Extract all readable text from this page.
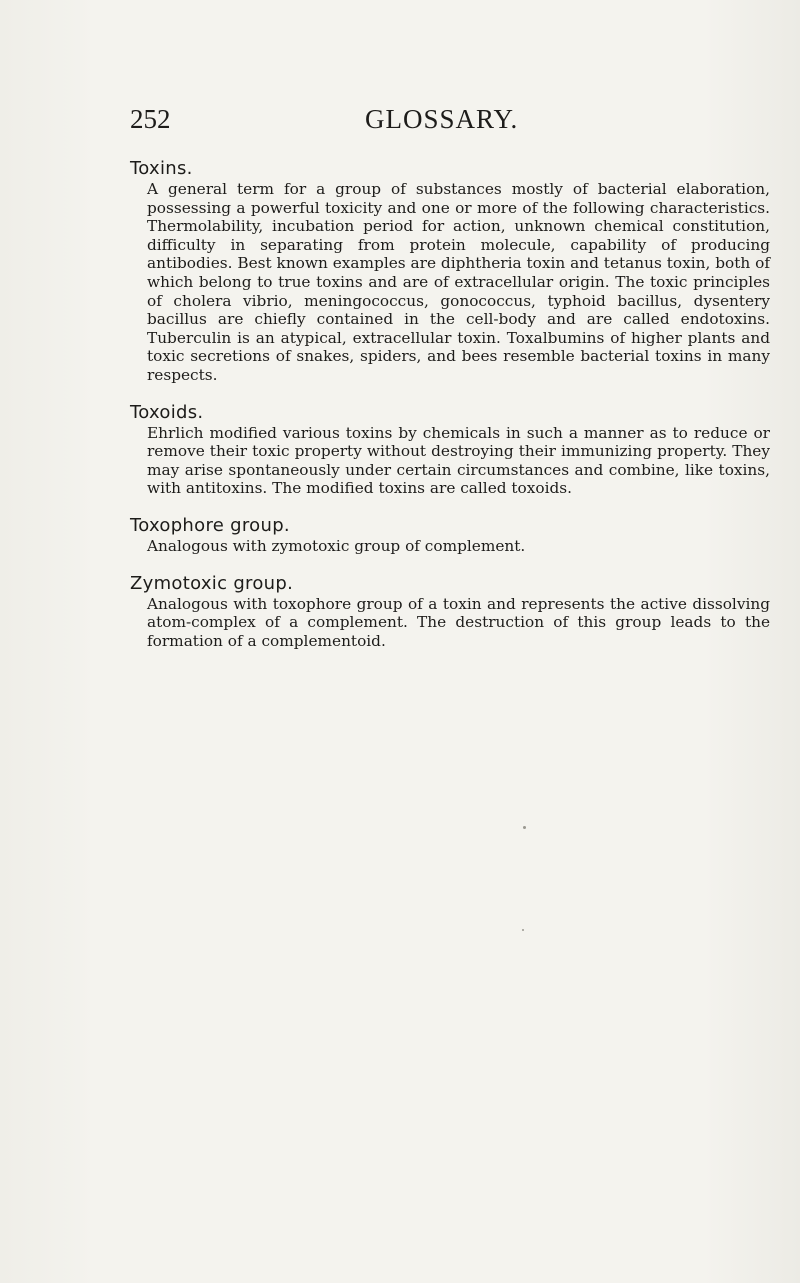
252	GLOSSARY.
Toxins.

A general term for a group of substances mostly of bacterial elaboration, possessing a powerful toxicity and one or more of the following characteristics. Thermolability, incubation period for action, unknown chemical constitution, difficulty in separating from protein molecule, capability of producing antibodies. Best known examples are diphtheria toxin and tetanus toxin, both of which belong to true toxins and are of extracellular origin. The toxic principles of cholera vibrio, meningococcus, gonococcus, typhoid bacillus, dysentery bacillus are chiefly contained in the cell-body and are called endotoxins. Tuberculin is an atypical, extracellular toxin. Toxalbumins of higher plants and toxic secretions of snakes, spiders, and bees resemble bacterial toxins in many respects.

Toxoids.

Ehrlich modified various toxins by chemicals in such a manner as to reduce or remove their toxic property without destroying their immunizing property. They may arise spontaneously under certain circumstances and combine, like toxins, with antitoxins. The modified toxins are called toxoids.

Toxophore group.

Analogous with zymotoxic group of complement.

Zymotoxic group.

Analogous with toxophore group of a toxin and represents the active dissolving atom-complex of a complement. The destruction of this group leads to the formation of a complementoid.
